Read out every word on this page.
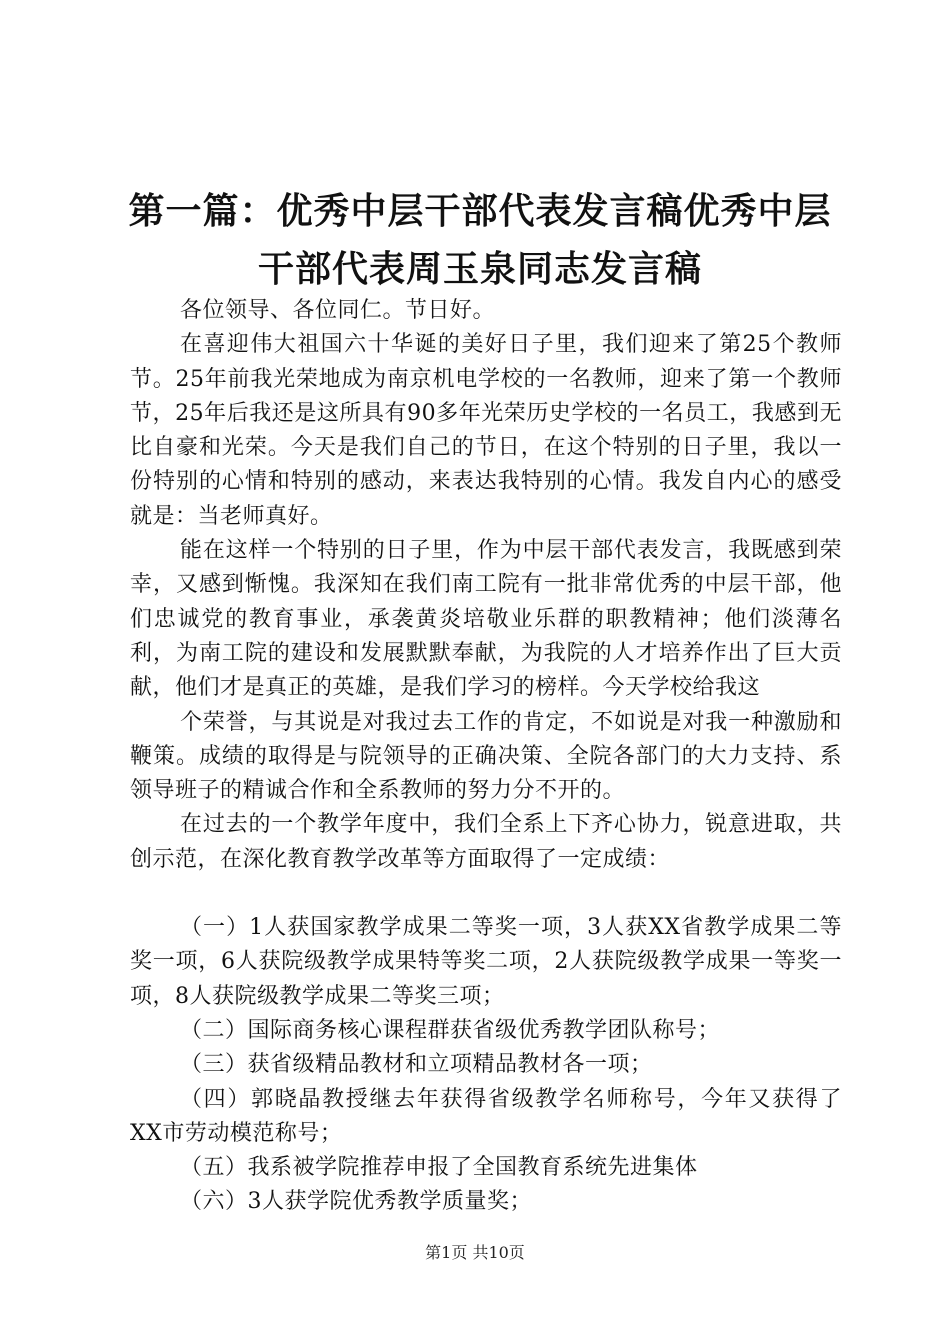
第一篇：优秀中层干部代表发言稿优秀中层干部代表周玉泉同志发言稿

各位领导、各位同仁。节日好。

在喜迎伟大祖国六十华诞的美好日子里，我们迎来了第25个教师节。25年前我光荣地成为南京机电学校的一名教师，迎来了第一个教师节，25年后我还是这所具有90多年光荣历史学校的一名员工，我感到无比自豪和光荣。今天是我们自己的节日，在这个特别的日子里，我以一份特别的心情和特别的感动，来表达我特别的心情。我发自内心的感受就是：当老师真好。

能在这样一个特别的日子里，作为中层干部代表发言，我既感到荣幸，又感到惭愧。我深知在我们南工院有一批非常优秀的中层干部，他们忠诚党的教育事业，承袭黄炎培敬业乐群的职教精神；他们淡薄名利，为南工院的建设和发展默默奉献，为我院的人才培养作出了巨大贡献，他们才是真正的英雄，是我们学习的榜样。今天学校给我这

个荣誉，与其说是对我过去工作的肯定，不如说是对我一种激励和鞭策。成绩的取得是与院领导的正确决策、全院各部门的大力支持、系领导班子的精诚合作和全系教师的努力分不开的。

在过去的一个教学年度中，我们全系上下齐心协力，锐意进取，共创示范，在深化教育教学改革等方面取得了一定成绩：

（一）1人获国家教学成果二等奖一项，3人获XX省教学成果二等奖一项，6人获院级教学成果特等奖二项，2人获院级教学成果一等奖一项，8人获院级教学成果二等奖三项；

（二）国际商务核心课程群获省级优秀教学团队称号；

（三）获省级精品教材和立项精品教材各一项；

（四）郭晓晶教授继去年获得省级教学名师称号，今年又获得了XX市劳动模范称号；

（五）我系被学院推荐申报了全国教育系统先进集体

（六）3人获学院优秀教学质量奖；

第1页 共10页
